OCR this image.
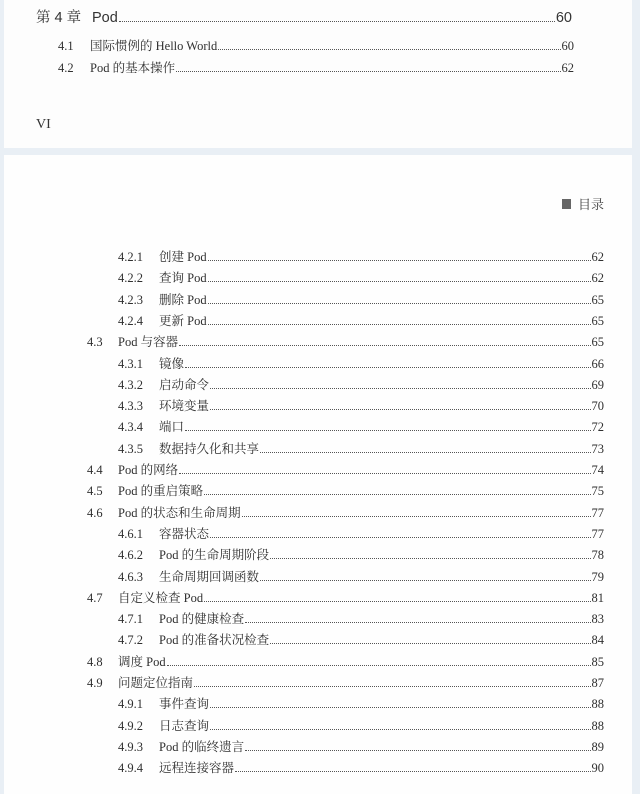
第 4 章 Pod	60
4.1	国际惯例的 Hello World	60
4.2	Pod 的基本操作	62
VI
目录
4.2.1	创建 Pod	62
4.2.2	查询 Pod	62
4.2.3	删除 Pod	65
4.2.4	更新 Pod	65
4.3	Pod 与容器	65
4.3.1	镜像	66
4.3.2	启动命令	69
4.3.3	环境变量	70
4.3.4	端口	72
4.3.5	数据持久化和共享	73
4.4	Pod 的网络	74
4.5	Pod 的重启策略	75
4.6	Pod 的状态和生命周期	77
4.6.1	容器状态	77
4.6.2	Pod 的生命周期阶段	78
4.6.3	生命周期回调函数	79
4.7	自定义检查 Pod	81
4.7.1	Pod 的健康检查	83
4.7.2	Pod 的准备状况检查	84
4.8	调度 Pod	85
4.9	问题定位指南	87
4.9.1	事件查询	88
4.9.2	日志查询	88
4.9.3	Pod 的临终遗言	89
4.9.4	远程连接容器	90
